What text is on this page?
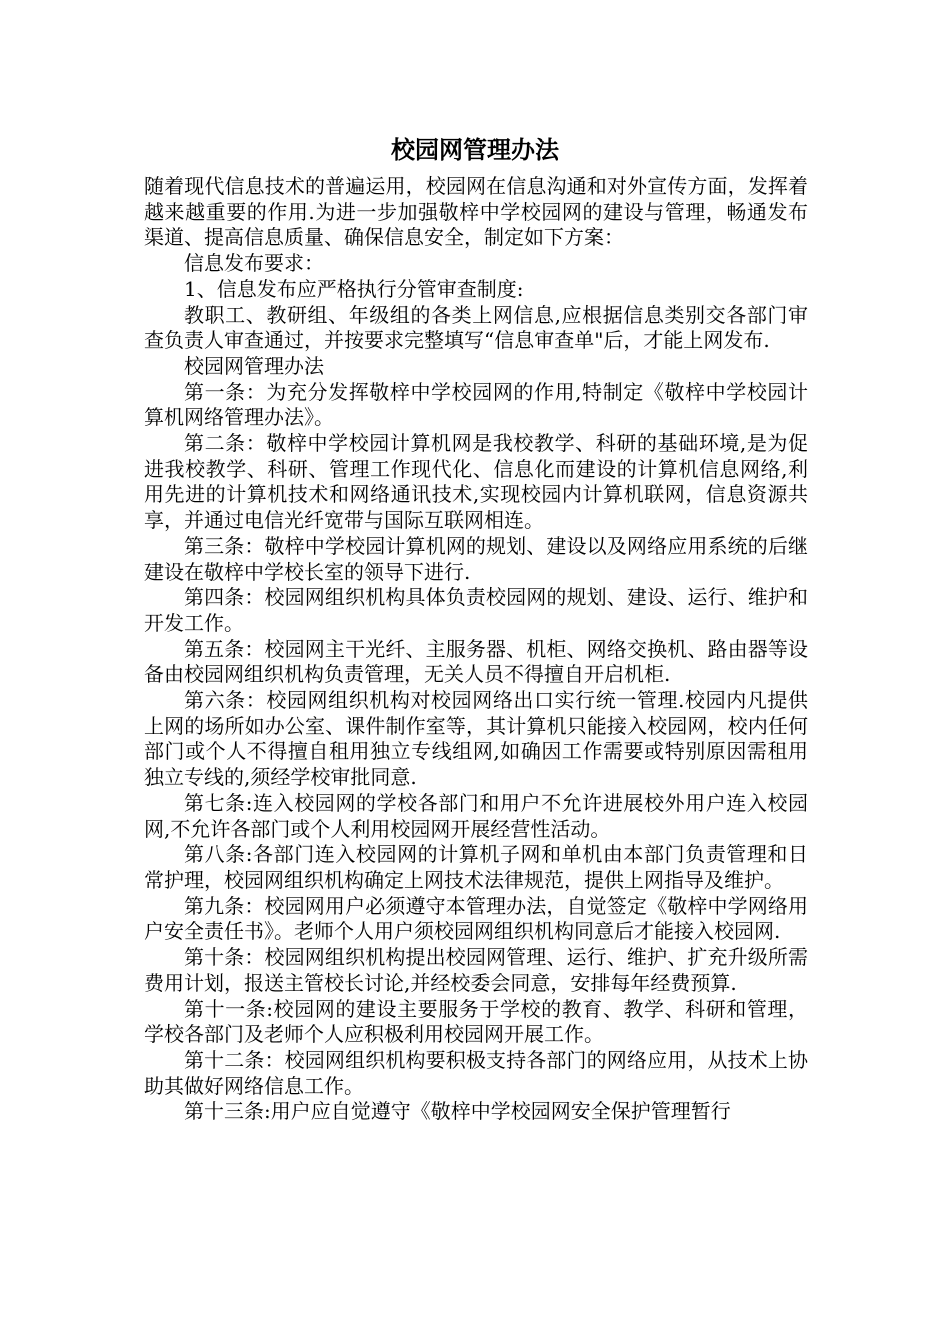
校园网管理办法

随着现代信息技术的普遍运用，校园网在信息沟通和对外宣传方面，发挥着越来越重要的作用.为进一步加强敬梓中学校园网的建设与管理，畅通发布渠道、提高信息质量、确保信息安全，制定如下方案：

信息发布要求：

1、信息发布应严格执行分管审查制度:

教职工、教研组、年级组的各类上网信息,应根据信息类别交各部门审查负责人审查通过，并按要求完整填写“信息审查单"后，才能上网发布.

校园网管理办法

第一条：为充分发挥敬梓中学校园网的作用,特制定《敬梓中学校园计算机网络管理办法》。

第二条：敬梓中学校园计算机网是我校教学、科研的基础环境,是为促进我校教学、科研、管理工作现代化、信息化而建设的计算机信息网络,利用先进的计算机技术和网络通讯技术,实现校园内计算机联网，信息资源共享，并通过电信光纤宽带与国际互联网相连。

第三条：敬梓中学校园计算机网的规划、建设以及网络应用系统的后继建设在敬梓中学校长室的领导下进行.

第四条：校园网组织机构具体负责校园网的规划、建设、运行、维护和开发工作。

第五条：校园网主干光纤、主服务器、机柜、网络交换机、路由器等设备由校园网组织机构负责管理，无关人员不得擅自开启机柜.

第六条：校园网组织机构对校园网络出口实行统一管理.校园内凡提供上网的场所如办公室、课件制作室等，其计算机只能接入校园网，校内任何部门或个人不得擅自租用独立专线组网,如确因工作需要或特别原因需租用独立专线的,须经学校审批同意.

第七条:连入校园网的学校各部门和用户不允许进展校外用户连入校园网,不允许各部门或个人利用校园网开展经营性活动。

第八条:各部门连入校园网的计算机子网和单机由本部门负责管理和日常护理，校园网组织机构确定上网技术法律规范，提供上网指导及维护。

第九条：校园网用户必须遵守本管理办法，自觉签定《敬梓中学网络用户安全责任书》。老师个人用户须校园网组织机构同意后才能接入校园网.

第十条：校园网组织机构提出校园网管理、运行、维护、扩充升级所需费用计划，报送主管校长讨论,并经校委会同意，安排每年经费预算.

第十一条:校园网的建设主要服务于学校的教育、教学、科研和管理，学校各部门及老师个人应积极利用校园网开展工作。

第十二条：校园网组织机构要积极支持各部门的网络应用，从技术上协助其做好网络信息工作。

第十三条:用户应自觉遵守《敬梓中学校园网安全保护管理暂行
